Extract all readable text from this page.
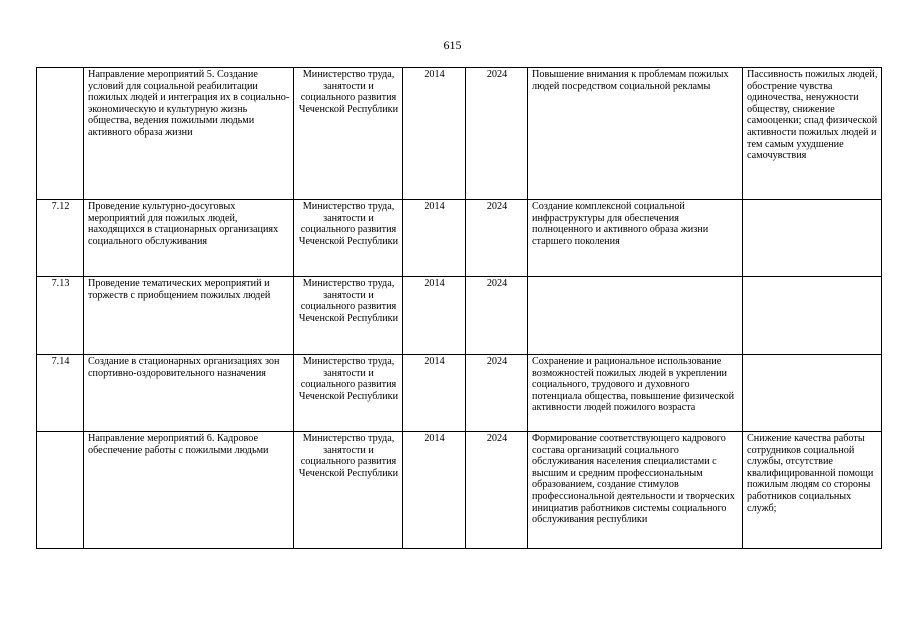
615
	Направление мероприятий 5. Создание условий для социальной реабилитации пожилых людей и интеграция их в социально-экономическую и культурную жизнь общества, ведения пожилыми людьми активного образа жизни	Министерство труда, занятости и социального развития Чеченской Республики	2014	2024	Повышение внимания к проблемам пожилых людей посредством социальной рекламы	Пассивность пожилых людей, обострение чувства одиночества, ненужности обществу, снижение самооценки; спад физической активности пожилых людей и тем самым ухудшение самочувствия
7.12	Проведение культурно-досуговых мероприятий для пожилых людей, находящихся в стационарных организациях социального обслуживания	Министерство труда, занятости и социального развития Чеченской Республики	2014	2024	Создание комплексной социальной инфраструктуры для обеспечения полноценного и активного образа жизни старшего поколения	
7.13	Проведение тематических мероприятий и торжеств с приобщением пожилых людей	Министерство труда, занятости и социального развития Чеченской Республики	2014	2024		
7.14	Создание в стационарных организациях зон спортивно-оздоровительного назначения	Министерство труда, занятости и социального развития Чеченской Республики	2014	2024	Сохранение и рациональное использование возможностей пожилых людей в укреплении социального, трудового и духовного потенциала общества, повышение физической активности людей пожилого возраста	
	Направление мероприятий 6. Кадровое обеспечение работы с пожилыми людьми	Министерство труда, занятости и социального развития Чеченской Республики	2014	2024	Формирование соответствующего кадрового состава организаций социального обслуживания населения специалистами с высшим и средним профессиональным образованием, создание стимулов профессиональной деятельности и творческих инициатив работников системы социального обслуживания республики	Снижение качества работы сотрудников социальной службы, отсутствие квалифицированной помощи пожилым людям со стороны работников социальных служб;
